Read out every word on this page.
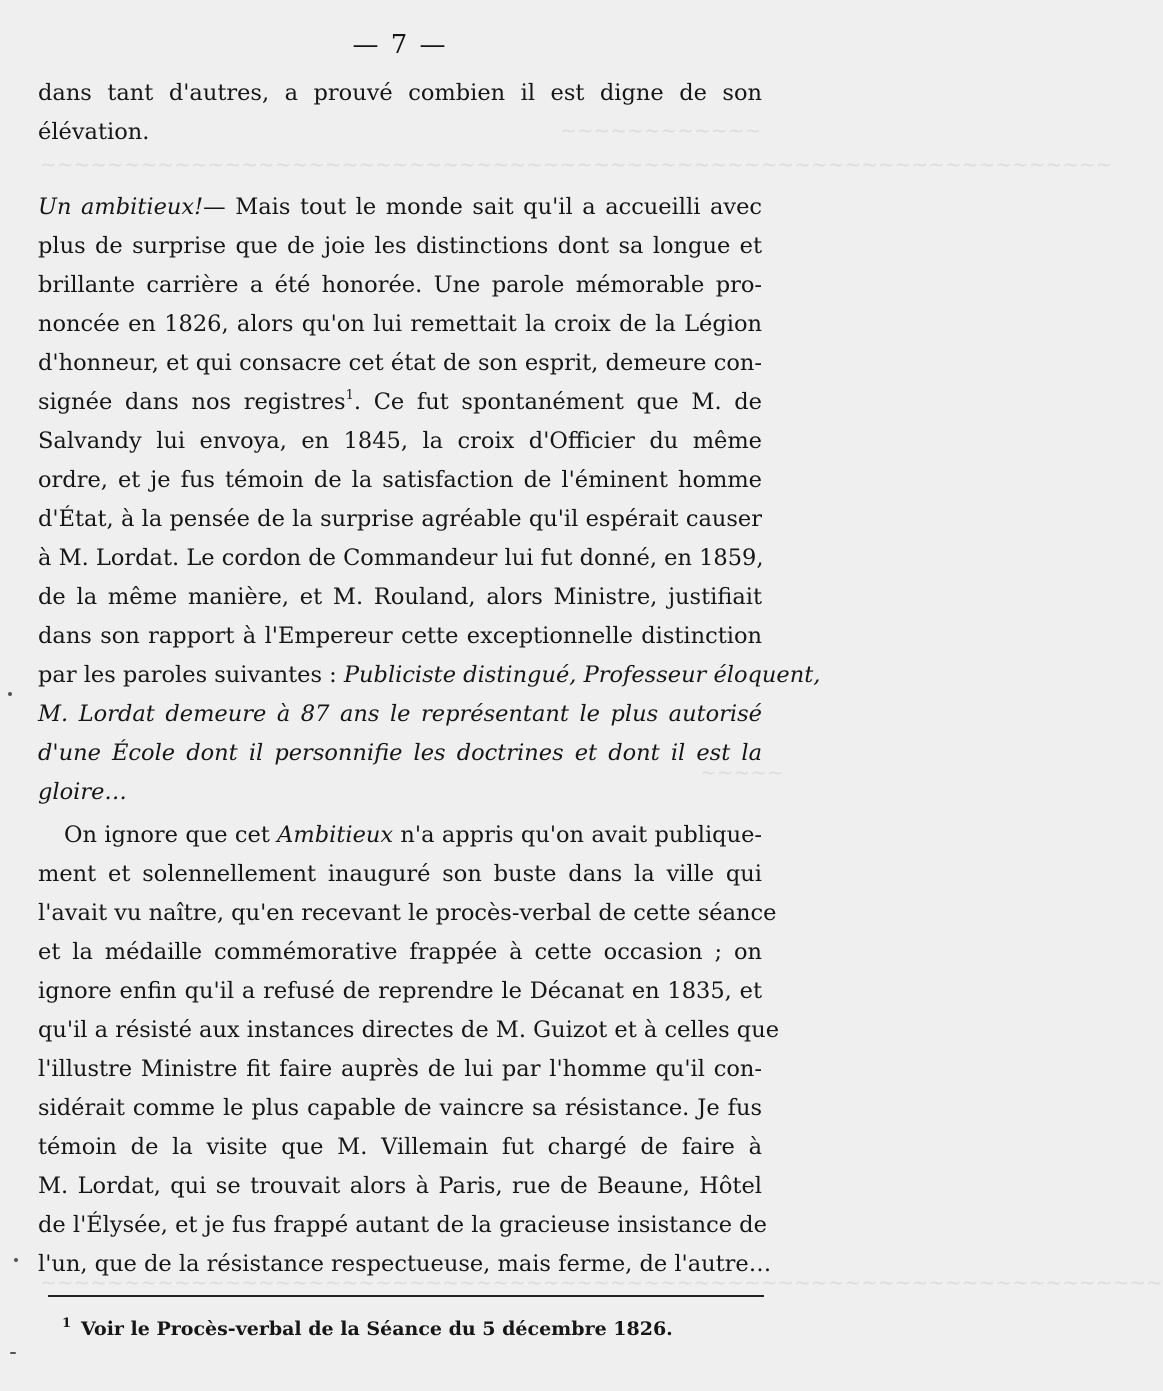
~~~~~~~~~~~~
~~~~~~~~~~~~~~~~~~~~~~~~~~~~~~~~~~~~~~~~~~~~~~~~~~~~~~~~~~~~~~~~
~~~~~
~~~~~~~~~~~~~~~~~~~~~~~~~~~~~~~~~~~~~~~~~~~~~~~~~~~~~~~~~~~~~~~~~~~
— 7 —
dans tant d'autres, a prouvé combien il est digne de son
élévation.
Un ambitieux!— Mais tout le monde sait qu'il a accueilli avec
plus de surprise que de joie les distinctions dont sa longue et
brillante carrière a été honorée. Une parole mémorable pro-
noncée en 1826, alors qu'on lui remettait la croix de la Légion
d'honneur, et qui consacre cet état de son esprit, demeure con-
signée dans nos registres$^1$. Ce fut spontanément que M. de
Salvandy lui envoya, en 1845, la croix d'Officier du même
ordre, et je fus témoin de la satisfaction de l'éminent homme
d'État, à la pensée de la surprise agréable qu'il espérait causer
à M. Lordat. Le cordon de Commandeur lui fut donné, en 1859,
de la même manière, et M. Rouland, alors Ministre, justifiait
dans son rapport à l'Empereur cette exceptionnelle distinction
par les paroles suivantes : Publiciste distingué, Professeur éloquent,
M. Lordat demeure à 87 ans le représentant le plus autorisé
d'une École dont il personnifie les doctrines et dont il est la
gloire…
On ignore que cet Ambitieux n'a appris qu'on avait publique-
ment et solennellement inauguré son buste dans la ville qui
l'avait vu naître, qu'en recevant le procès-verbal de cette séance
et la médaille commémorative frappée à cette occasion ; on
ignore enfin qu'il a refusé de reprendre le Décanat en 1835, et
qu'il a résisté aux instances directes de M. Guizot et à celles que
l'illustre Ministre fit faire auprès de lui par l'homme qu'il con-
sidérait comme le plus capable de vaincre sa résistance. Je fus
témoin de la visite que M. Villemain fut chargé de faire à
M. Lordat, qui se trouvait alors à Paris, rue de Beaune, Hôtel
de l'Élysée, et je fus frappé autant de la gracieuse insistance de
l'un, que de la résistance respectueuse, mais ferme, de l'autre…
$^1$ Voir le Procès-verbal de la Séance du 5 décembre 1826.
